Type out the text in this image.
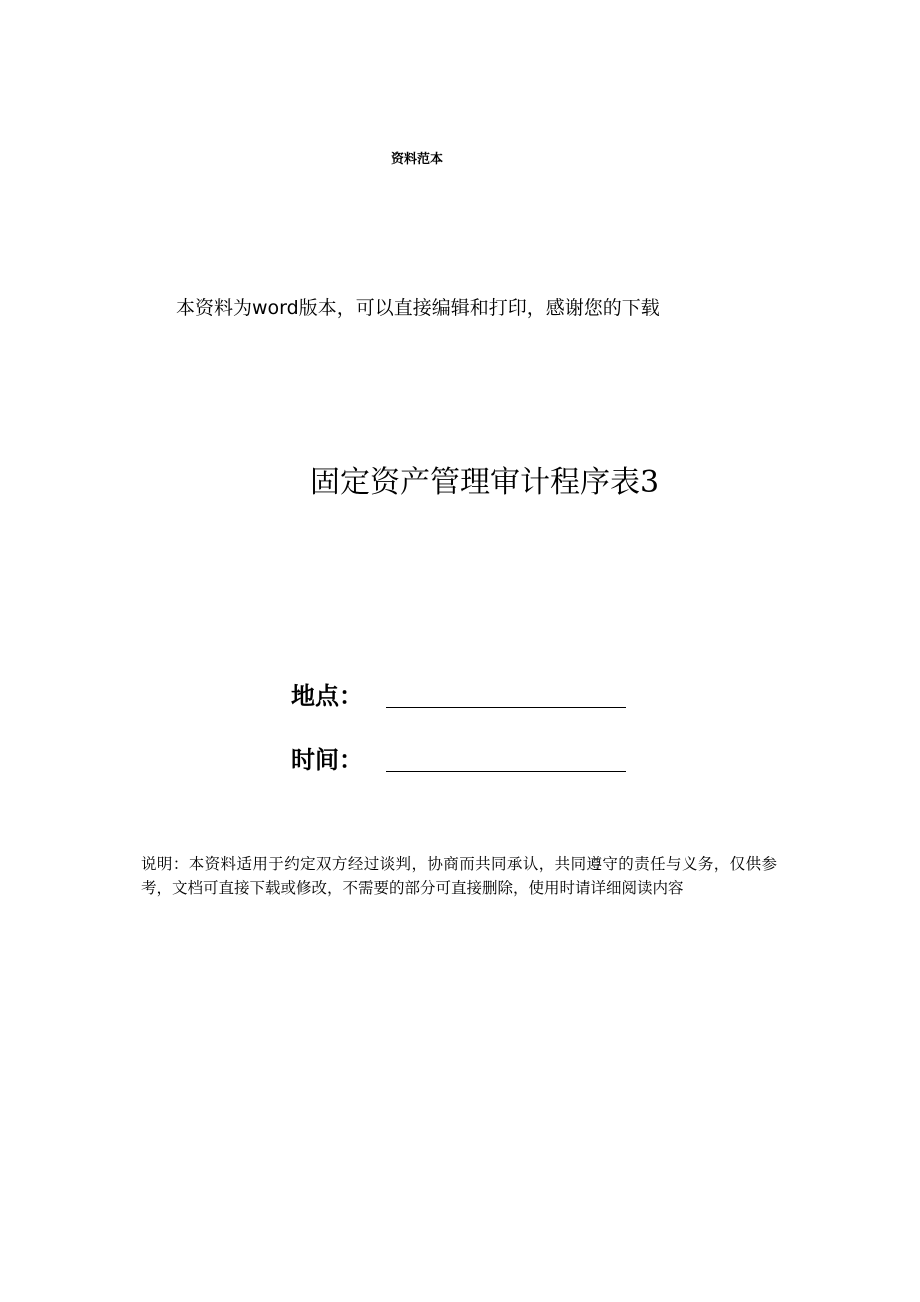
资料范本
本资料为word版本，可以直接编辑和打印，感谢您的下载
固定资产管理审计程序表3
地点：
时间：
说明：本资料适用于约定双方经过谈判，协商而共同承认，共同遵守的责任与义务，仅供参考，文档可直接下载或修改，不需要的部分可直接删除，使用时请详细阅读内容
